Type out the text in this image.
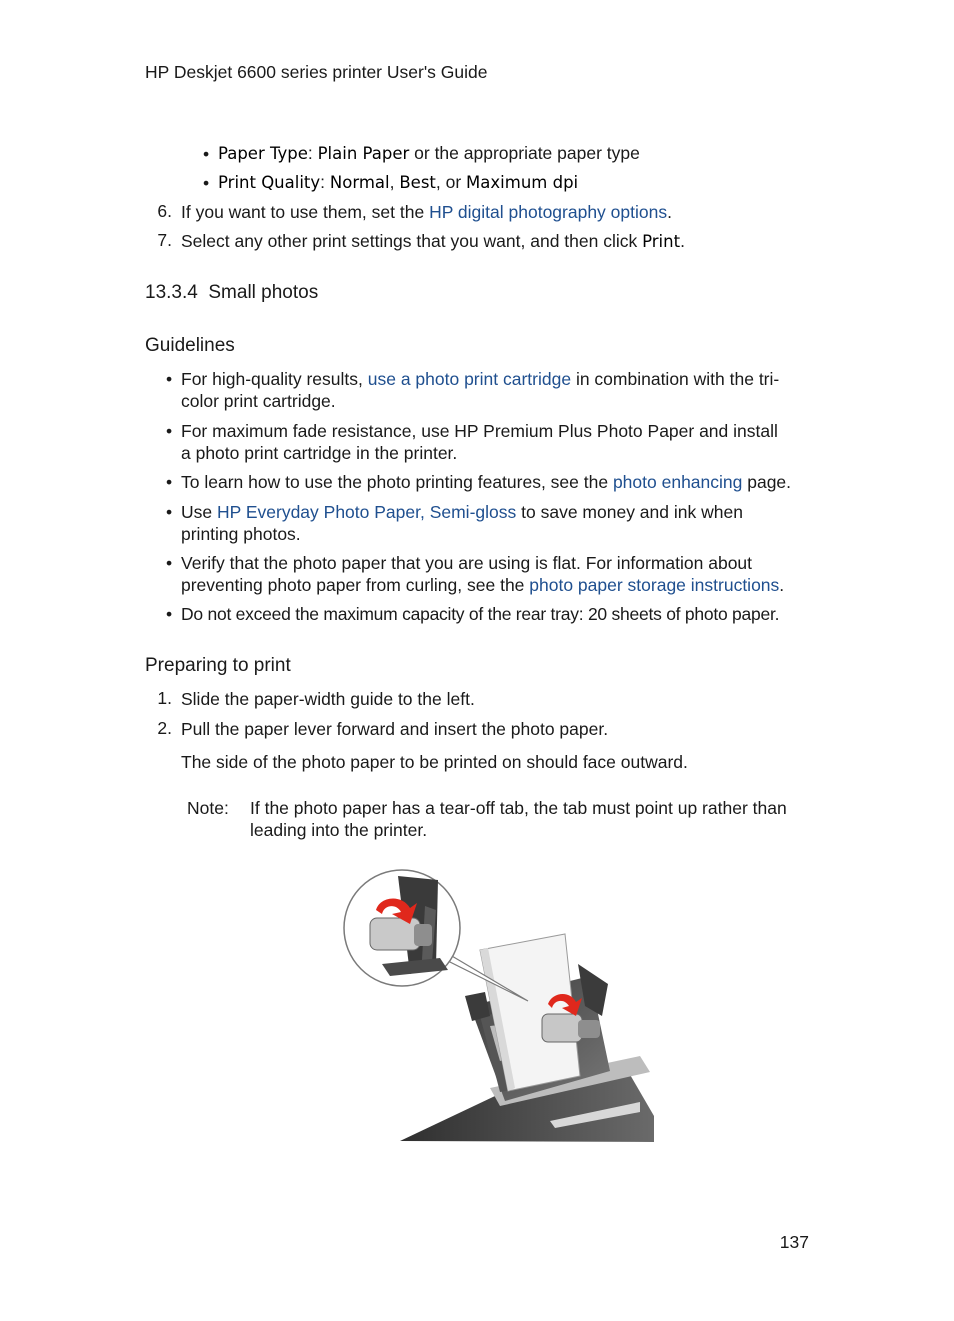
HP Deskjet 6600 series printer User's Guide
• Paper Type: Plain Paper or the appropriate paper type
• Print Quality: Normal, Best, or Maximum dpi
6. If you want to use them, set the HP digital photography options.
7. Select any other print settings that you want, and then click Print.
13.3.4  Small photos
Guidelines
• For high-quality results, use a photo print cartridge in combination with the tri-
color print cartridge.
• For maximum fade resistance, use HP Premium Plus Photo Paper and install
a photo print cartridge in the printer.
• To learn how to use the photo printing features, see the photo enhancing page.
• Use HP Everyday Photo Paper, Semi-gloss to save money and ink when
printing photos.
• Verify that the photo paper that you are using is flat. For information about
preventing photo paper from curling, see the photo paper storage instructions.
• Do not exceed the maximum capacity of the rear tray: 20 sheets of photo paper.
Preparing to print
1. Slide the paper-width guide to the left.
2. Pull the paper lever forward and insert the photo paper.
The side of the photo paper to be printed on should face outward.
Note: If the photo paper has a tear-off tab, the tab must point up rather than
leading into the printer.
137
